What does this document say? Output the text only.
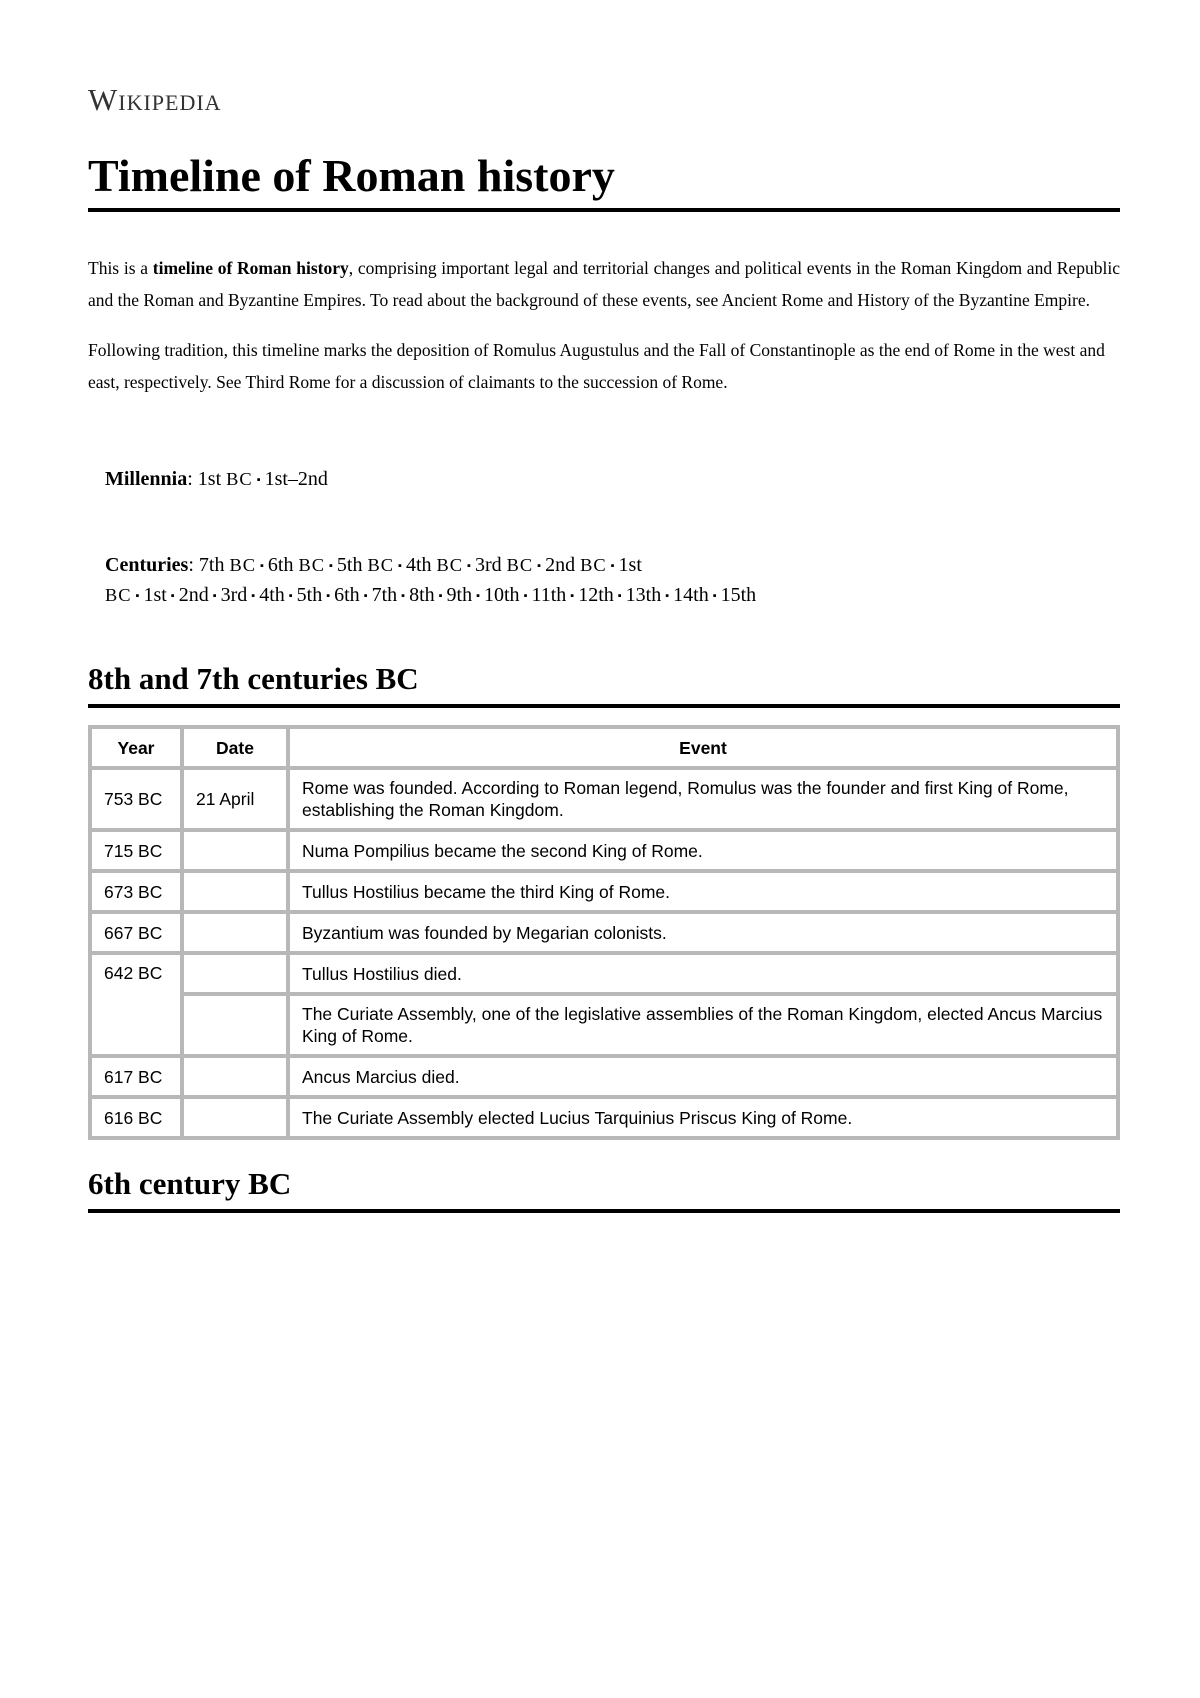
Wikipedia
Timeline of Roman history

This is a timeline of Roman history, comprising important legal and territorial changes and political events in the Roman Kingdom and Republic and the Roman and Byzantine Empires. To read about the background of these events, see Ancient Rome and History of the Byzantine Empire.

Following tradition, this timeline marks the deposition of Romulus Augustulus and the Fall of Constantinople as the end of Rome in the west and east, respectively. See Third Rome for a discussion of claimants to the succession of Rome.

Millennia: 1st BC ▪ 1st–2nd
Centuries: 7th BC ▪ 6th BC ▪ 5th BC ▪ 4th BC ▪ 3rd BC ▪ 2nd BC ▪ 1st BC ▪ 1st ▪ 2nd ▪ 3rd ▪ 4th ▪ 5th ▪ 6th ▪ 7th ▪ 8th ▪ 9th ▪ 10th ▪ 11th ▪ 12th ▪ 13th ▪ 14th ▪ 15th
8th and 7th centuries BC
Year	Date	Event
753 BC	21 April	Rome was founded. According to Roman legend, Romulus was the founder and first King of Rome, establishing the Roman Kingdom.
715 BC		Numa Pompilius became the second King of Rome.
673 BC		Tullus Hostilius became the third King of Rome.
667 BC		Byzantium was founded by Megarian colonists.
642 BC		Tullus Hostilius died.
		The Curiate Assembly, one of the legislative assemblies of the Roman Kingdom, elected Ancus Marcius King of Rome.
617 BC		Ancus Marcius died.
616 BC		The Curiate Assembly elected Lucius Tarquinius Priscus King of Rome.
6th century BC
